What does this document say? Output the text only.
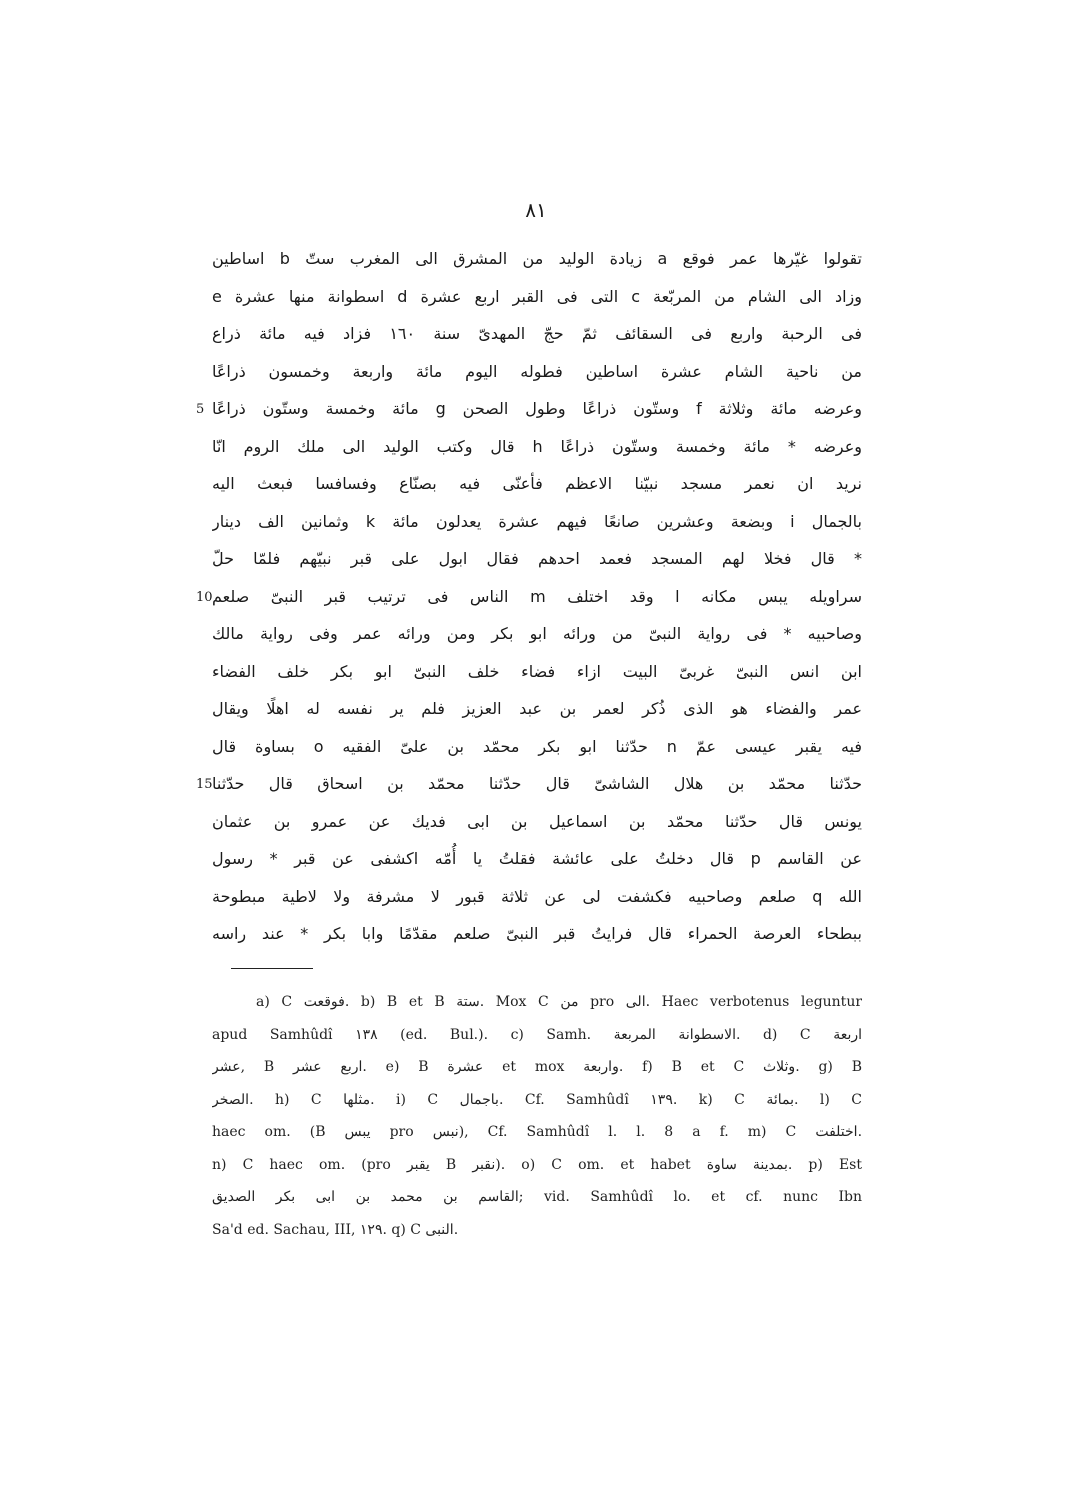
٨١
تقولوا غيّرها عمر فوقع a زيادة الوليد من المشرق الى المغرب ستّ b اساطين
وزاد الى الشام من المربّعة c التى فى القبر اربع عشرة d اسطوانة منها عشرة e
فى الرحبة واربع فى السقائف ثمّ حجّ المهدىّ سنة ١٦٠ فزاد فيه مائة ذراع
من ناحية الشام عشرة اساطين فطوله اليوم مائة واربعة وخمسون ذراعًا
وعرضه مائة وثلاثة f وستّون ذراعًا وطول الصحن g مائة وخمسة وستّون ذراعًا
وعرضه * مائة وخمسة وستّون ذراعًا h قال وكتب الوليد الى ملك الروم انّا
نريد ان نعمر مسجد نبيّنا الاعظم فأعنّى فيه بصنّاع وفسافسا فبعث اليه
بالجمال i وبضعة وعشرين صانعًا فيهم عشرة يعدلون مائة k وثمانين الف دينار
* قال فخلا لهم المسجد فعمد احدهم فقال ابول على قبر نبيّهم فلمّا حلّ
سراويله يبس مكانه l وقد اختلف m الناس فى ترتيب قبر النبىّ صلعم
وصاحبيه * فى رواية النبىّ من ورائه ابو بكر ومن ورائه عمر وفى رواية مالك
ابن انس النبىّ غربىّ البيت ازاء فضاء خلف النبىّ ابو بكر خلف الفضاء
عمر والفضاء هو الذى ذُكر لعمر بن عبد العزيز فلم ير نفسه له اهلًا ويقال
فيه يقبر عيسى عمّ n حدّثنا ابو بكر محمّد بن علىّ الفقيه o بساوة قال
حدّثنا محمّد بن هلال الشاشىّ قال حدّثنا محمّد بن اسحاق قال حدّثنا
يونس قال حدّثنا محمّد بن اسماعيل بن ابى فديك عن عمرو بن عثمان
عن القاسم p قال دخلتُ على عائشة فقلتُ يا أُمّه اكشفى عن قبر * رسول
الله q صلعم وصاحبيه فكشفت لى عن ثلاثة قبور لا مشرفة ولا لاطية مبطوحة
ببطحاء العرصة الحمراء قال فرايتُ قبر النبىّ صلعم مقدّمًا وابا بكر * عند راسه
5
10
15
a) C فوقعت. b) B et B ستة. Mox C من pro الى. Haec verbotenus leguntur
apud Samhûdî ١٣٨ (ed. Bul.). c) Samh. الاسطوانة المربعة. d) C اربعة
عشر, B اربع عشر. e) B عشرة et mox واربعة. f) B et C وثلاث. g) B
الصخر. h) C مثلها. i) C باجمال. Cf. Samhûdî ١٣٩. k) C بمائة. l) C
haec om. (B يبس pro نبس), Cf. Samhûdî l. l. 8 a f. m) C اختلفت.
n) C haec om. (pro يقبر B نقبر). o) C om. et habet بمدينة ساوة. p) Est
القاسم بن محمد بن ابى بكر الصديق; vid. Samhûdî lo. et cf. nunc Ibn
Sa'd ed. Sachau, III, ١٢٩. q) C النبى.
